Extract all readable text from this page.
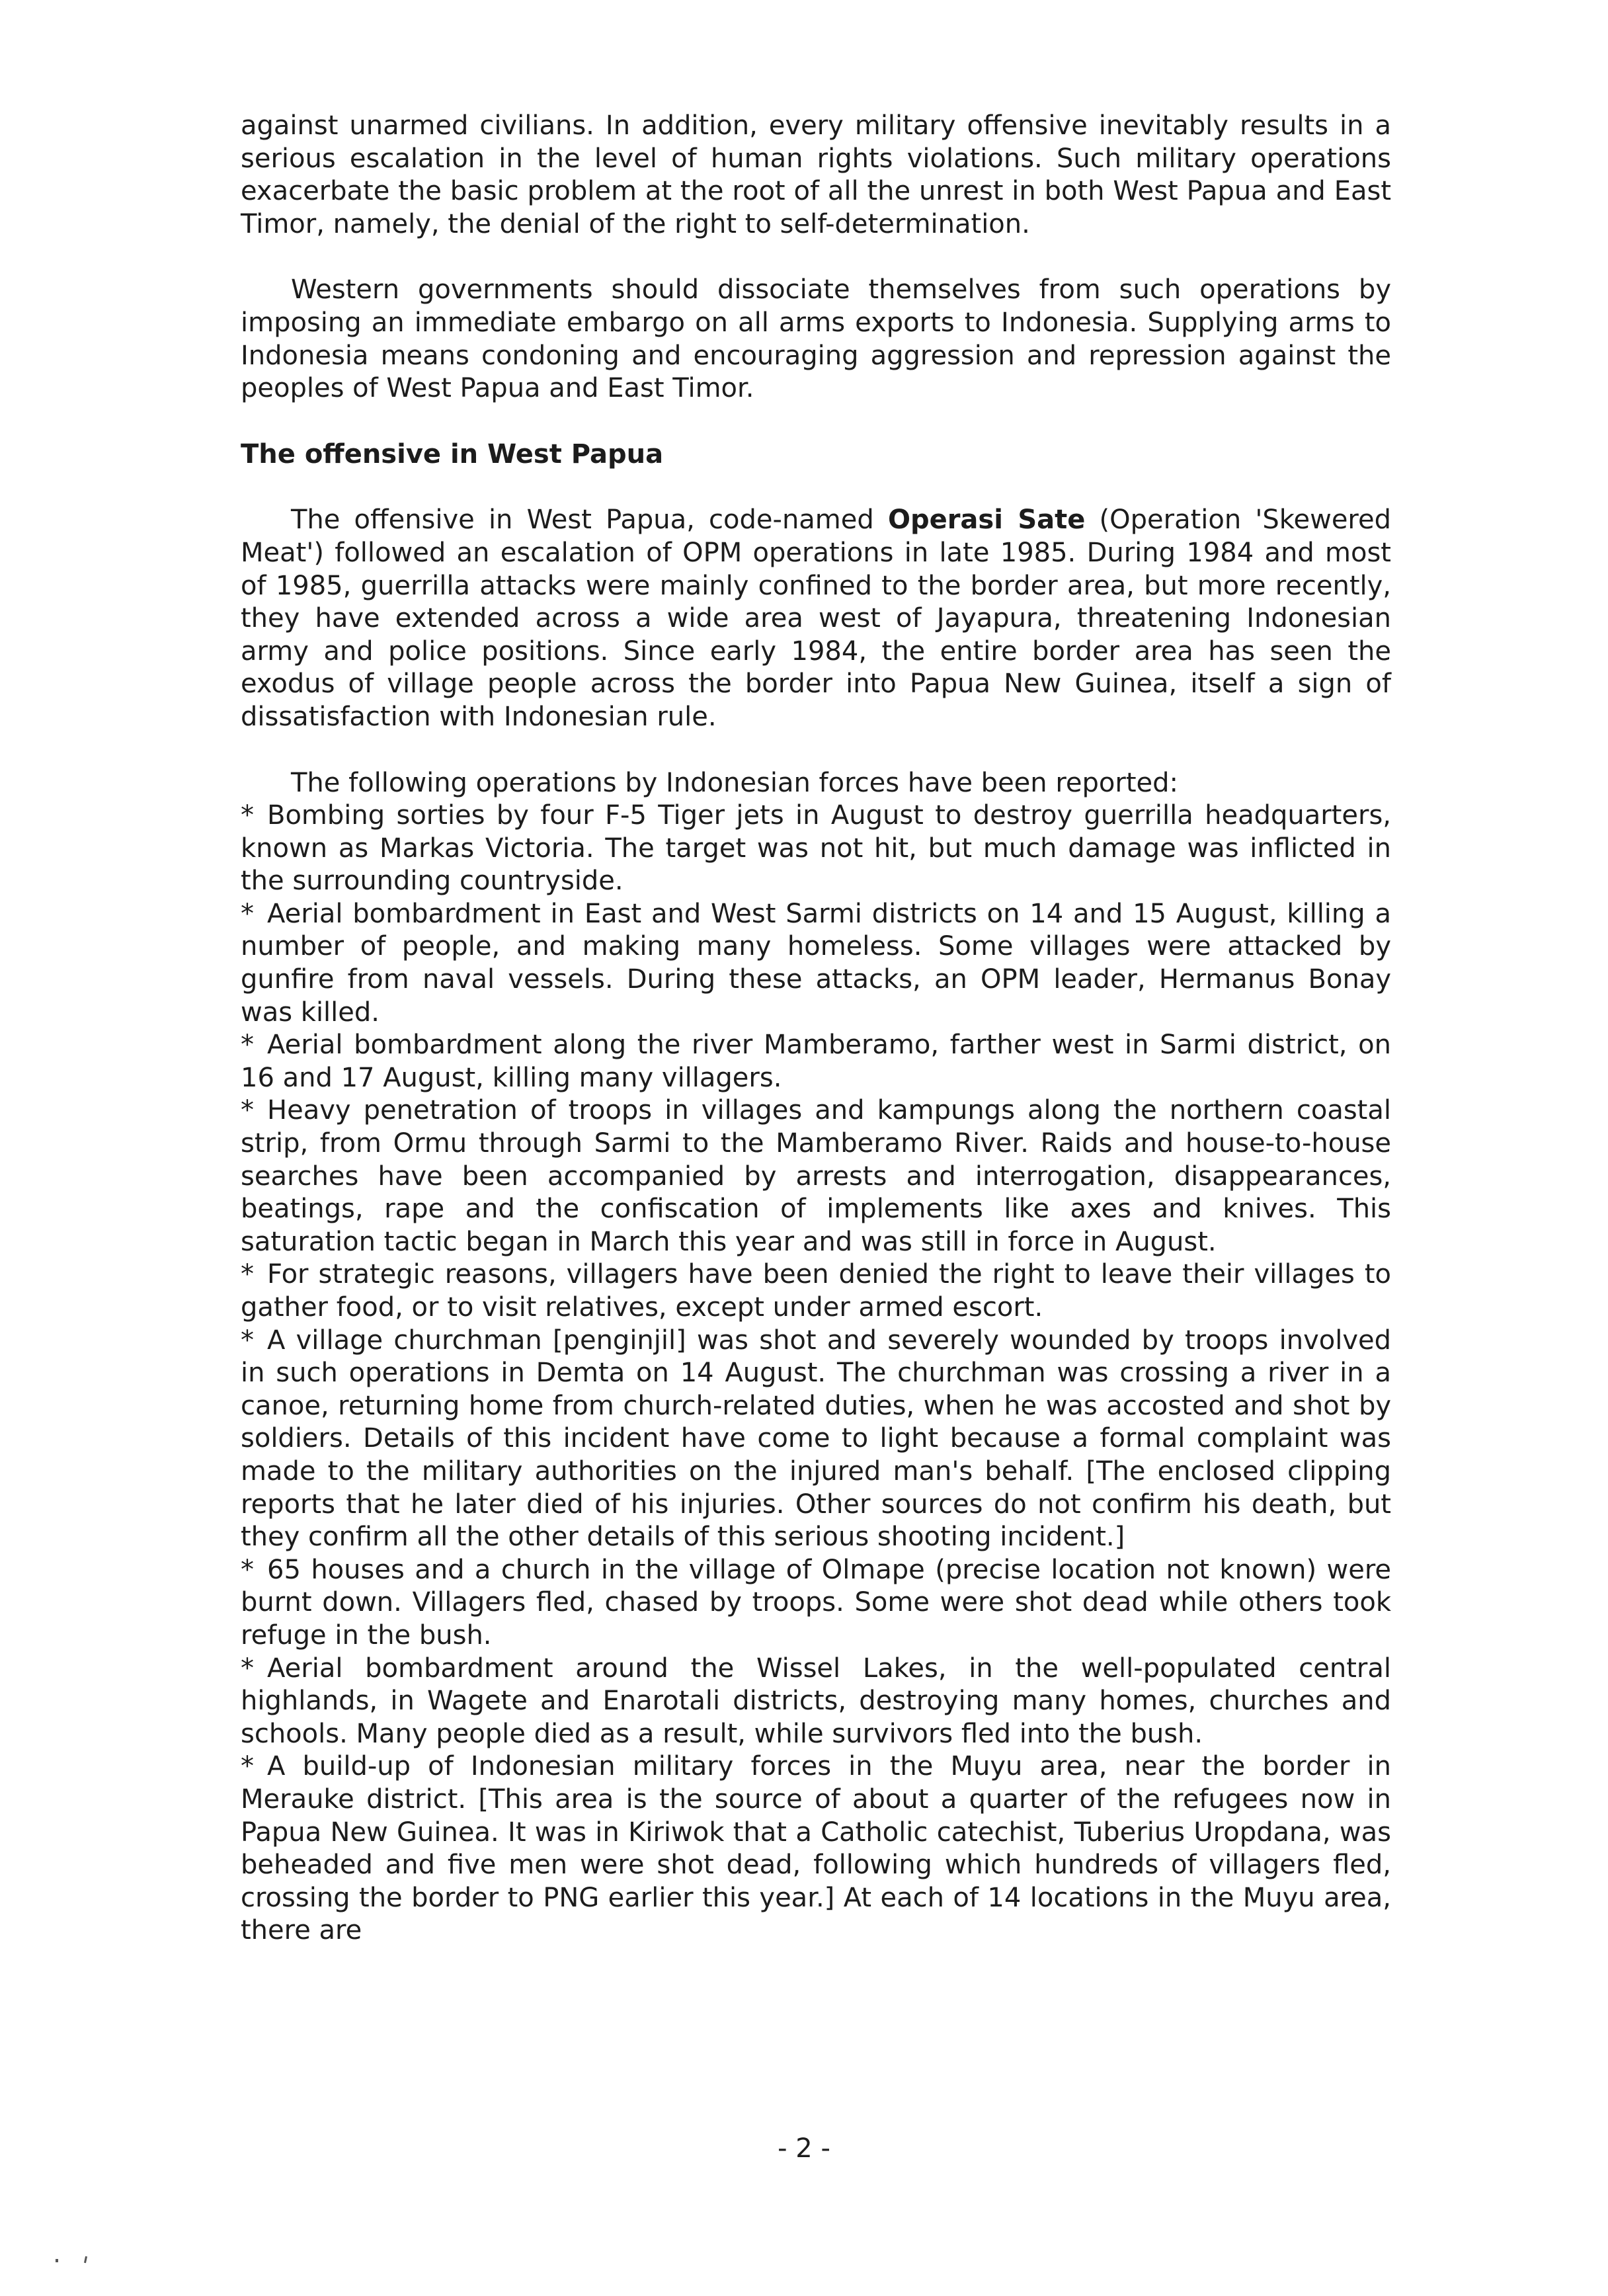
against unarmed civilians. In addition, every military offensive inevitably results in a serious escalation in the level of human rights violations. Such military operations exacerbate the basic problem at the root of all the unrest in both West Papua and East Timor, namely, the denial of the right to self-determination.

Western governments should dissociate themselves from such operations by imposing an immediate embargo on all arms exports to Indonesia. Supplying arms to Indonesia means condoning and encouraging aggression and repression against the peoples of West Papua and East Timor.

The offensive in West Papua

The offensive in West Papua, code-named Operasi Sate (Operation 'Skewered Meat') followed an escalation of OPM operations in late 1985. During 1984 and most of 1985, guerrilla attacks were mainly confined to the border area, but more recently, they have extended across a wide area west of Jayapura, threatening Indonesian army and police positions. Since early 1984, the entire border area has seen the exodus of village people across the border into Papua New Guinea, itself a sign of dissatisfaction with Indonesian rule.

The following operations by Indonesian forces have been reported:

* Bombing sorties by four F-5 Tiger jets in August to destroy guerrilla headquarters, known as Markas Victoria. The target was not hit, but much damage was inflicted in the surrounding countryside.

* Aerial bombardment in East and West Sarmi districts on 14 and 15 August, killing a number of people, and making many homeless. Some villages were attacked by gunfire from naval vessels. During these attacks, an OPM leader, Hermanus Bonay was killed.

* Aerial bombardment along the river Mamberamo, farther west in Sarmi district, on 16 and 17 August, killing many villagers.

* Heavy penetration of troops in villages and kampungs along the northern coastal strip, from Ormu through Sarmi to the Mamberamo River. Raids and house-to-house searches have been accompanied by arrests and interrogation, disappearances, beatings, rape and the confiscation of implements like axes and knives. This saturation tactic began in March this year and was still in force in August.

* For strategic reasons, villagers have been denied the right to leave their villages to gather food, or to visit relatives, except under armed escort.

* A village churchman [penginjil] was shot and severely wounded by troops involved in such operations in Demta on 14 August. The churchman was crossing a river in a canoe, returning home from church-related duties, when he was accosted and shot by soldiers. Details of this incident have come to light because a formal complaint was made to the military authorities on the injured man's behalf. [The enclosed clipping reports that he later died of his injuries. Other sources do not confirm his death, but they confirm all the other details of this serious shooting incident.]

* 65 houses and a church in the village of Olmape (precise location not known) were burnt down. Villagers fled, chased by troops. Some were shot dead while others took refuge in the bush.

* Aerial bombardment around the Wissel Lakes, in the well-populated central highlands, in Wagete and Enarotali districts, destroying many homes, churches and schools. Many people died as a result, while survivors fled into the bush.

* A build-up of Indonesian military forces in the Muyu area, near the border in Merauke district. [This area is the source of about a quarter of the refugees now in Papua New Guinea. It was in Kiriwok that a Catholic catechist, Tuberius Uropdana, was beheaded and five men were shot dead, following which hundreds of villagers fled, crossing the border to PNG earlier this year.] At each of 14 locations in the Muyu area, there are

- 2 -
